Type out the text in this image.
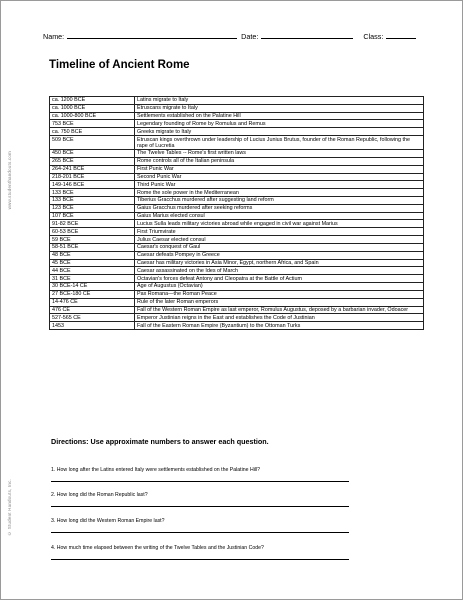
Name:	Date:	Class:
Timeline of Ancient Rome
www.studenthandouts.com
© Student Handouts, Inc.
ca. 1200 BCE	Latins migrate to Italy
ca. 1000 BCE	Etruscans migrate to Italy
ca. 1000-800 BCE	Settlements established on the Palatine Hill
753 BCE	Legendary founding of Rome by Romulus and Remus
ca. 750 BCE	Greeks migrate to Italy
509 BCE	Etruscan kings overthrown under leadership of Lucius Junius Brutus, founder of the Roman Republic, following the rape of Lucretia
450 BCE	The Twelve Tables -- Rome's first written laws
265 BCE	Rome controls all of the Italian peninsula
264-241 BCE	First Punic War
218-201 BCE	Second Punic War
149-146 BCE	Third Punic War
133 BCE	Rome the sole power in the Mediterranean
133 BCE	Tiberius Gracchus murdered after suggesting land reform
123 BCE	Gaius Gracchus murdered after seeking reforms
107 BCE	Gaius Marius elected consul
91-82 BCE	Lucius Sulla leads military victories abroad while engaged in civil war against Marius
60-53 BCE	First Triumvirate
59 BCE	Julius Caesar elected consul
58-51 BCE	Caesar's conquest of Gaul
48 BCE	Caesar defeats Pompey in Greece
45 BCE	Caesar has military victories in Asia Minor, Egypt, northern Africa, and Spain
44 BCE	Caesar assassinated on the Ides of March
31 BCE	Octavian's forces defeat Antony and Cleopatra at the Battle of Actium
30 BCE-14 CE	Age of Augustus (Octavian)
27 BCE-180 CE	Pax Romana—the Roman Peace
14-476 CE	Rule of the later Roman emperors
476 CE	Fall of the Western Roman Empire as last emperor, Romulus Augustus, deposed by a barbarian invader, Odoacer
527-565 CE	Emperor Justinian reigns in the East and establishes the Code of Justinian
1453	Fall of the Eastern Roman Empire (Byzantium) to the Ottoman Turks
Directions: Use approximate numbers to answer each question.
1. How long after the Latins entered Italy were settlements established on the Palatine Hill?
2. How long did the Roman Republic last?
3. How long did the Western Roman Empire last?
4. How much time elapsed between the writing of the Twelve Tables and the Justinian Code?
